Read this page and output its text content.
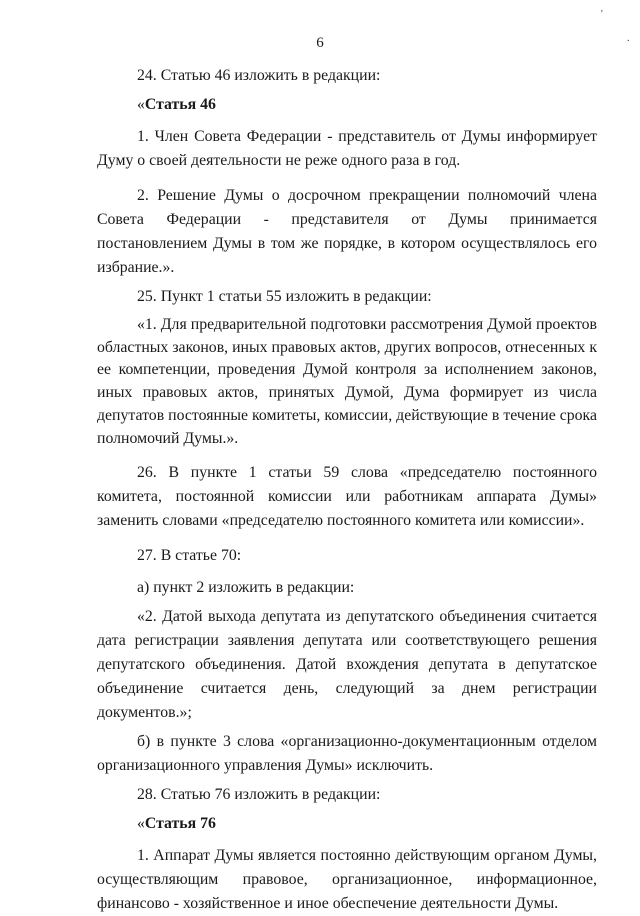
6
'
.
24. Статью 46 изложить в редакции:
«Статья 46
1. Член Совета Федерации - представитель от Думы информирует Думу о своей деятельности не реже одного раза в год.
2. Решение Думы о досрочном прекращении полномочий члена Совета Федерации - представителя от Думы принимается постановлением Думы в том же порядке, в котором осуществлялось его избрание.».
25. Пункт 1 статьи 55 изложить в редакции:
«1. Для предварительной подготовки рассмотрения Думой проектов областных законов, иных правовых актов, других вопросов, отнесенных к ее компетенции, проведения Думой контроля за исполнением законов, иных правовых актов, принятых Думой, Дума формирует из числа депутатов постоянные комитеты, комиссии, действующие в течение срока полномочий Думы.».
26. В пункте 1 статьи 59 слова «председателю постоянного комитета, постоянной комиссии или работникам аппарата Думы» заменить словами «председателю постоянного комитета или комиссии».
27. В статье 70:
а) пункт 2 изложить в редакции:
«2. Датой выхода депутата из депутатского объединения считается дата регистрации заявления депутата или соответствующего решения депутатского объединения. Датой вхождения депутата в депутатское объединение считается день, следующий за днем регистрации документов.»;
б) в пункте 3 слова «организационно-документационным отделом организационного управления Думы» исключить.
28. Статью 76 изложить в редакции:
«Статья 76
1. Аппарат Думы является постоянно действующим органом Думы, осуществляющим правовое, организационное, информационное, финансово - хозяйственное и иное обеспечение деятельности Думы.
